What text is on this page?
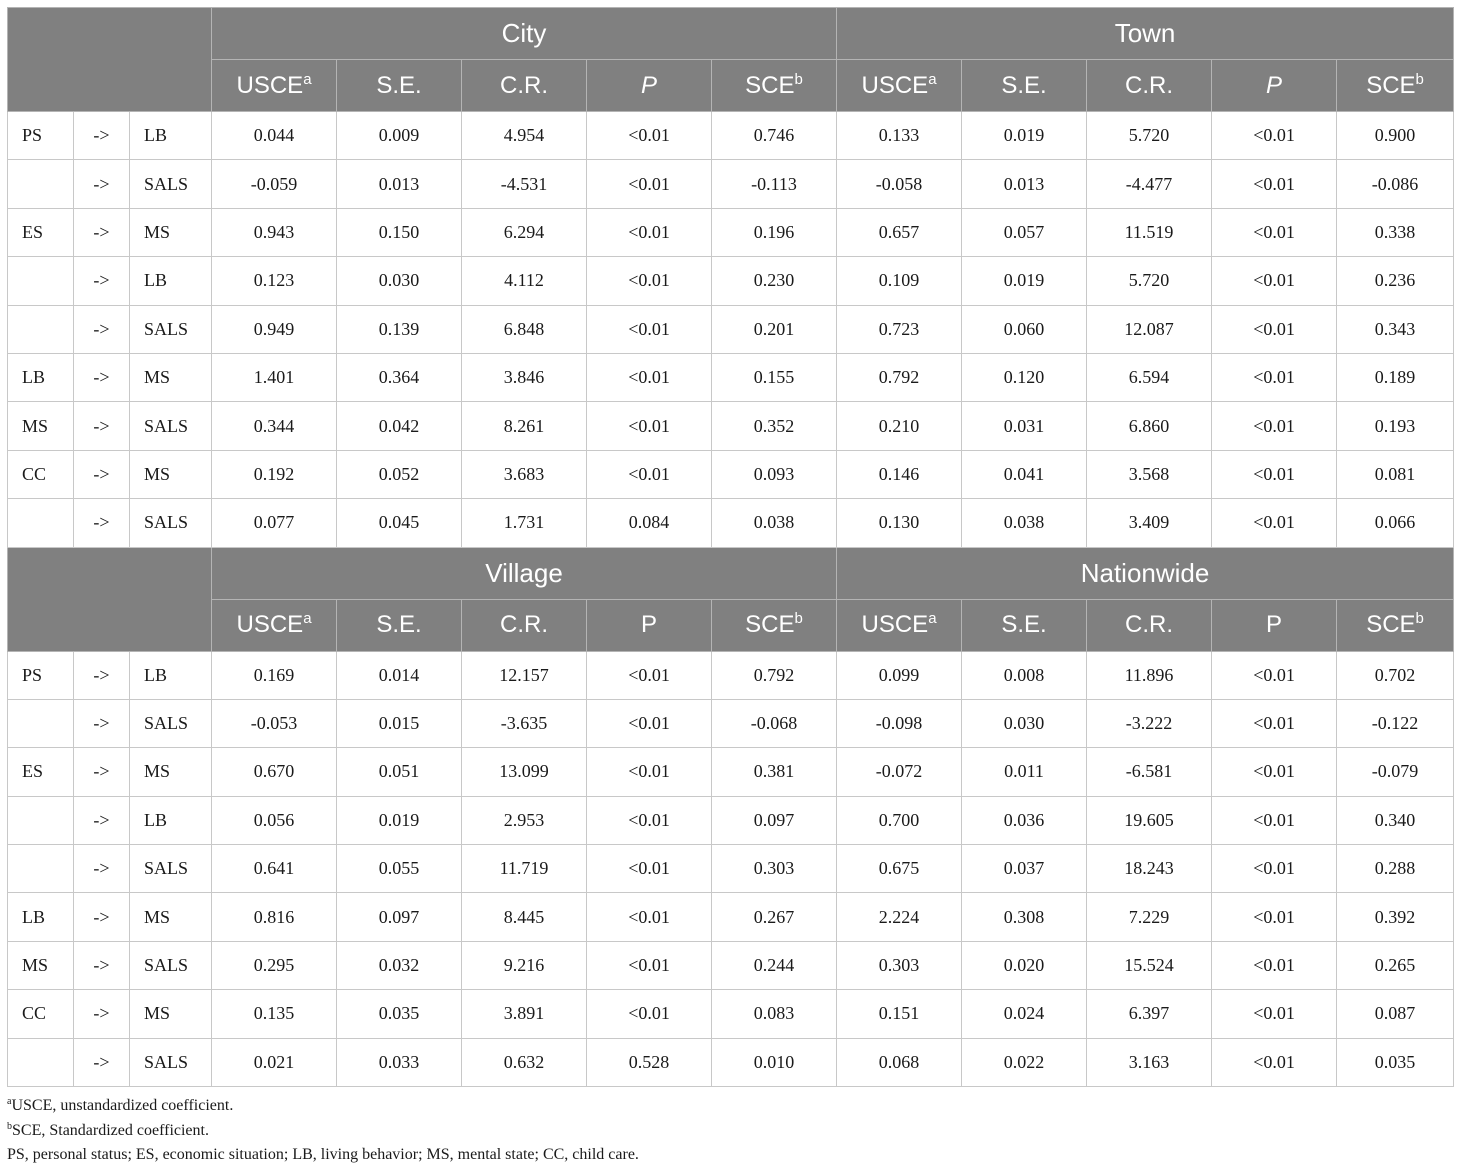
			City					Town				
			USCE$^a$	S.E.	C.R.	P	SCE$^b$	USCE$^a$	S.E.	C.R.	P	SCE$^b$
PS	->	LB	0.044	0.009	4.954	<0.01	0.746	0.133	0.019	5.720	<0.01	0.900
	->	SALS	-0.059	0.013	-4.531	<0.01	-0.113	-0.058	0.013	-4.477	<0.01	-0.086
ES	->	MS	0.943	0.150	6.294	<0.01	0.196	0.657	0.057	11.519	<0.01	0.338
	->	LB	0.123	0.030	4.112	<0.01	0.230	0.109	0.019	5.720	<0.01	0.236
	->	SALS	0.949	0.139	6.848	<0.01	0.201	0.723	0.060	12.087	<0.01	0.343
LB	->	MS	1.401	0.364	3.846	<0.01	0.155	0.792	0.120	6.594	<0.01	0.189
MS	->	SALS	0.344	0.042	8.261	<0.01	0.352	0.210	0.031	6.860	<0.01	0.193
CC	->	MS	0.192	0.052	3.683	<0.01	0.093	0.146	0.041	3.568	<0.01	0.081
	->	SALS	0.077	0.045	1.731	0.084	0.038	0.130	0.038	3.409	<0.01	0.066
			Village					Nationwide				
			USCE$^a$	S.E.	C.R.	P	SCE$^b$	USCE$^a$	S.E.	C.R.	P	SCE$^b$
PS	->	LB	0.169	0.014	12.157	<0.01	0.792	0.099	0.008	11.896	<0.01	0.702
	->	SALS	-0.053	0.015	-3.635	<0.01	-0.068	-0.098	0.030	-3.222	<0.01	-0.122
ES	->	MS	0.670	0.051	13.099	<0.01	0.381	-0.072	0.011	-6.581	<0.01	-0.079
	->	LB	0.056	0.019	2.953	<0.01	0.097	0.700	0.036	19.605	<0.01	0.340
	->	SALS	0.641	0.055	11.719	<0.01	0.303	0.675	0.037	18.243	<0.01	0.288
LB	->	MS	0.816	0.097	8.445	<0.01	0.267	2.224	0.308	7.229	<0.01	0.392
MS	->	SALS	0.295	0.032	9.216	<0.01	0.244	0.303	0.020	15.524	<0.01	0.265
CC	->	MS	0.135	0.035	3.891	<0.01	0.083	0.151	0.024	6.397	<0.01	0.087
	->	SALS	0.021	0.033	0.632	0.528	0.010	0.068	0.022	3.163	<0.01	0.035
$^a$USCE, unstandardized coefficient.
$^b$SCE, Standardized coefficient.
PS, personal status; ES, economic situation; LB, living behavior; MS, mental state; CC, child care.
